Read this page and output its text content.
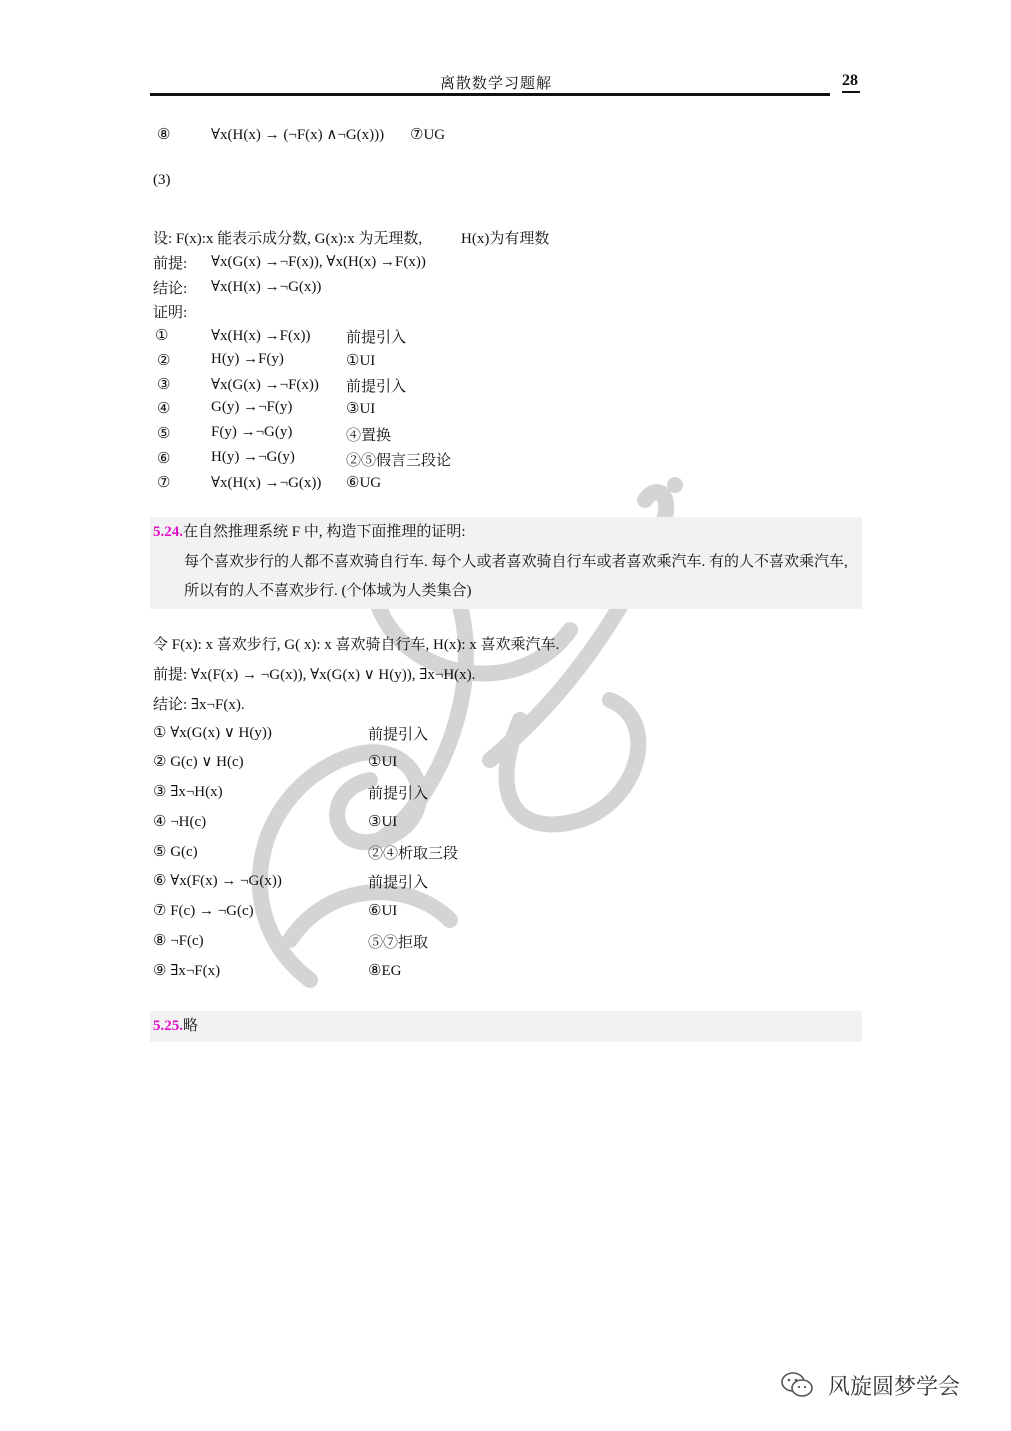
离散数学习题解	28
⑧	∀x(H(x) → (¬F(x) ∧¬G(x))) ⑦UG
(3)
设: F(x):x 能表示成分数, G(x):x 为无理数,	H(x)为有理数
前提: ∀x(G(x) →¬F(x)), ∀x(H(x) →F(x))
结论: ∀x(H(x) →¬G(x))
证明:
①	∀x(H(x) →F(x)) 前提引入
②	H(y) →F(y)	①UI
③	∀x(G(x) →¬F(x)) 前提引入
④	G(y) →¬F(y)	③UI
⑤	F(y) →¬G(y)	④置换
⑥	H(y) →¬G(y)	②⑤假言三段论
⑦	∀x(H(x) →¬G(x)) ⑥UG
5.24.在自然推理系统 F 中, 构造下面推理的证明:
每个喜欢步行的人都不喜欢骑自行车. 每个人或者喜欢骑自行车或者喜欢乘汽车. 有的人不喜欢乘汽车,
所以有的人不喜欢步行. (个体域为人类集合)
令 F(x): x 喜欢步行, G( x): x 喜欢骑自行车, H(x): x 喜欢乘汽车.
前提: ∀x(F(x) → ¬G(x)), ∀x(G(x) ∨ H(y)), ∃x¬H(x).
结论: ∃x¬F(x).
① ∀x(G(x) ∨ H(y))	前提引入
② G(c) ∨ H(c)	①UI
③ ∃x¬H(x)	前提引入
④ ¬H(c)	③UI
⑤ G(c)	②④析取三段
⑥ ∀x(F(x) → ¬G(x))	前提引入
⑦ F(c) → ¬G(c)	⑥UI
⑧ ¬F(c)	⑤⑦拒取
⑨ ∃x¬F(x)	⑧EG
5.25.略
风旋圆梦学会
